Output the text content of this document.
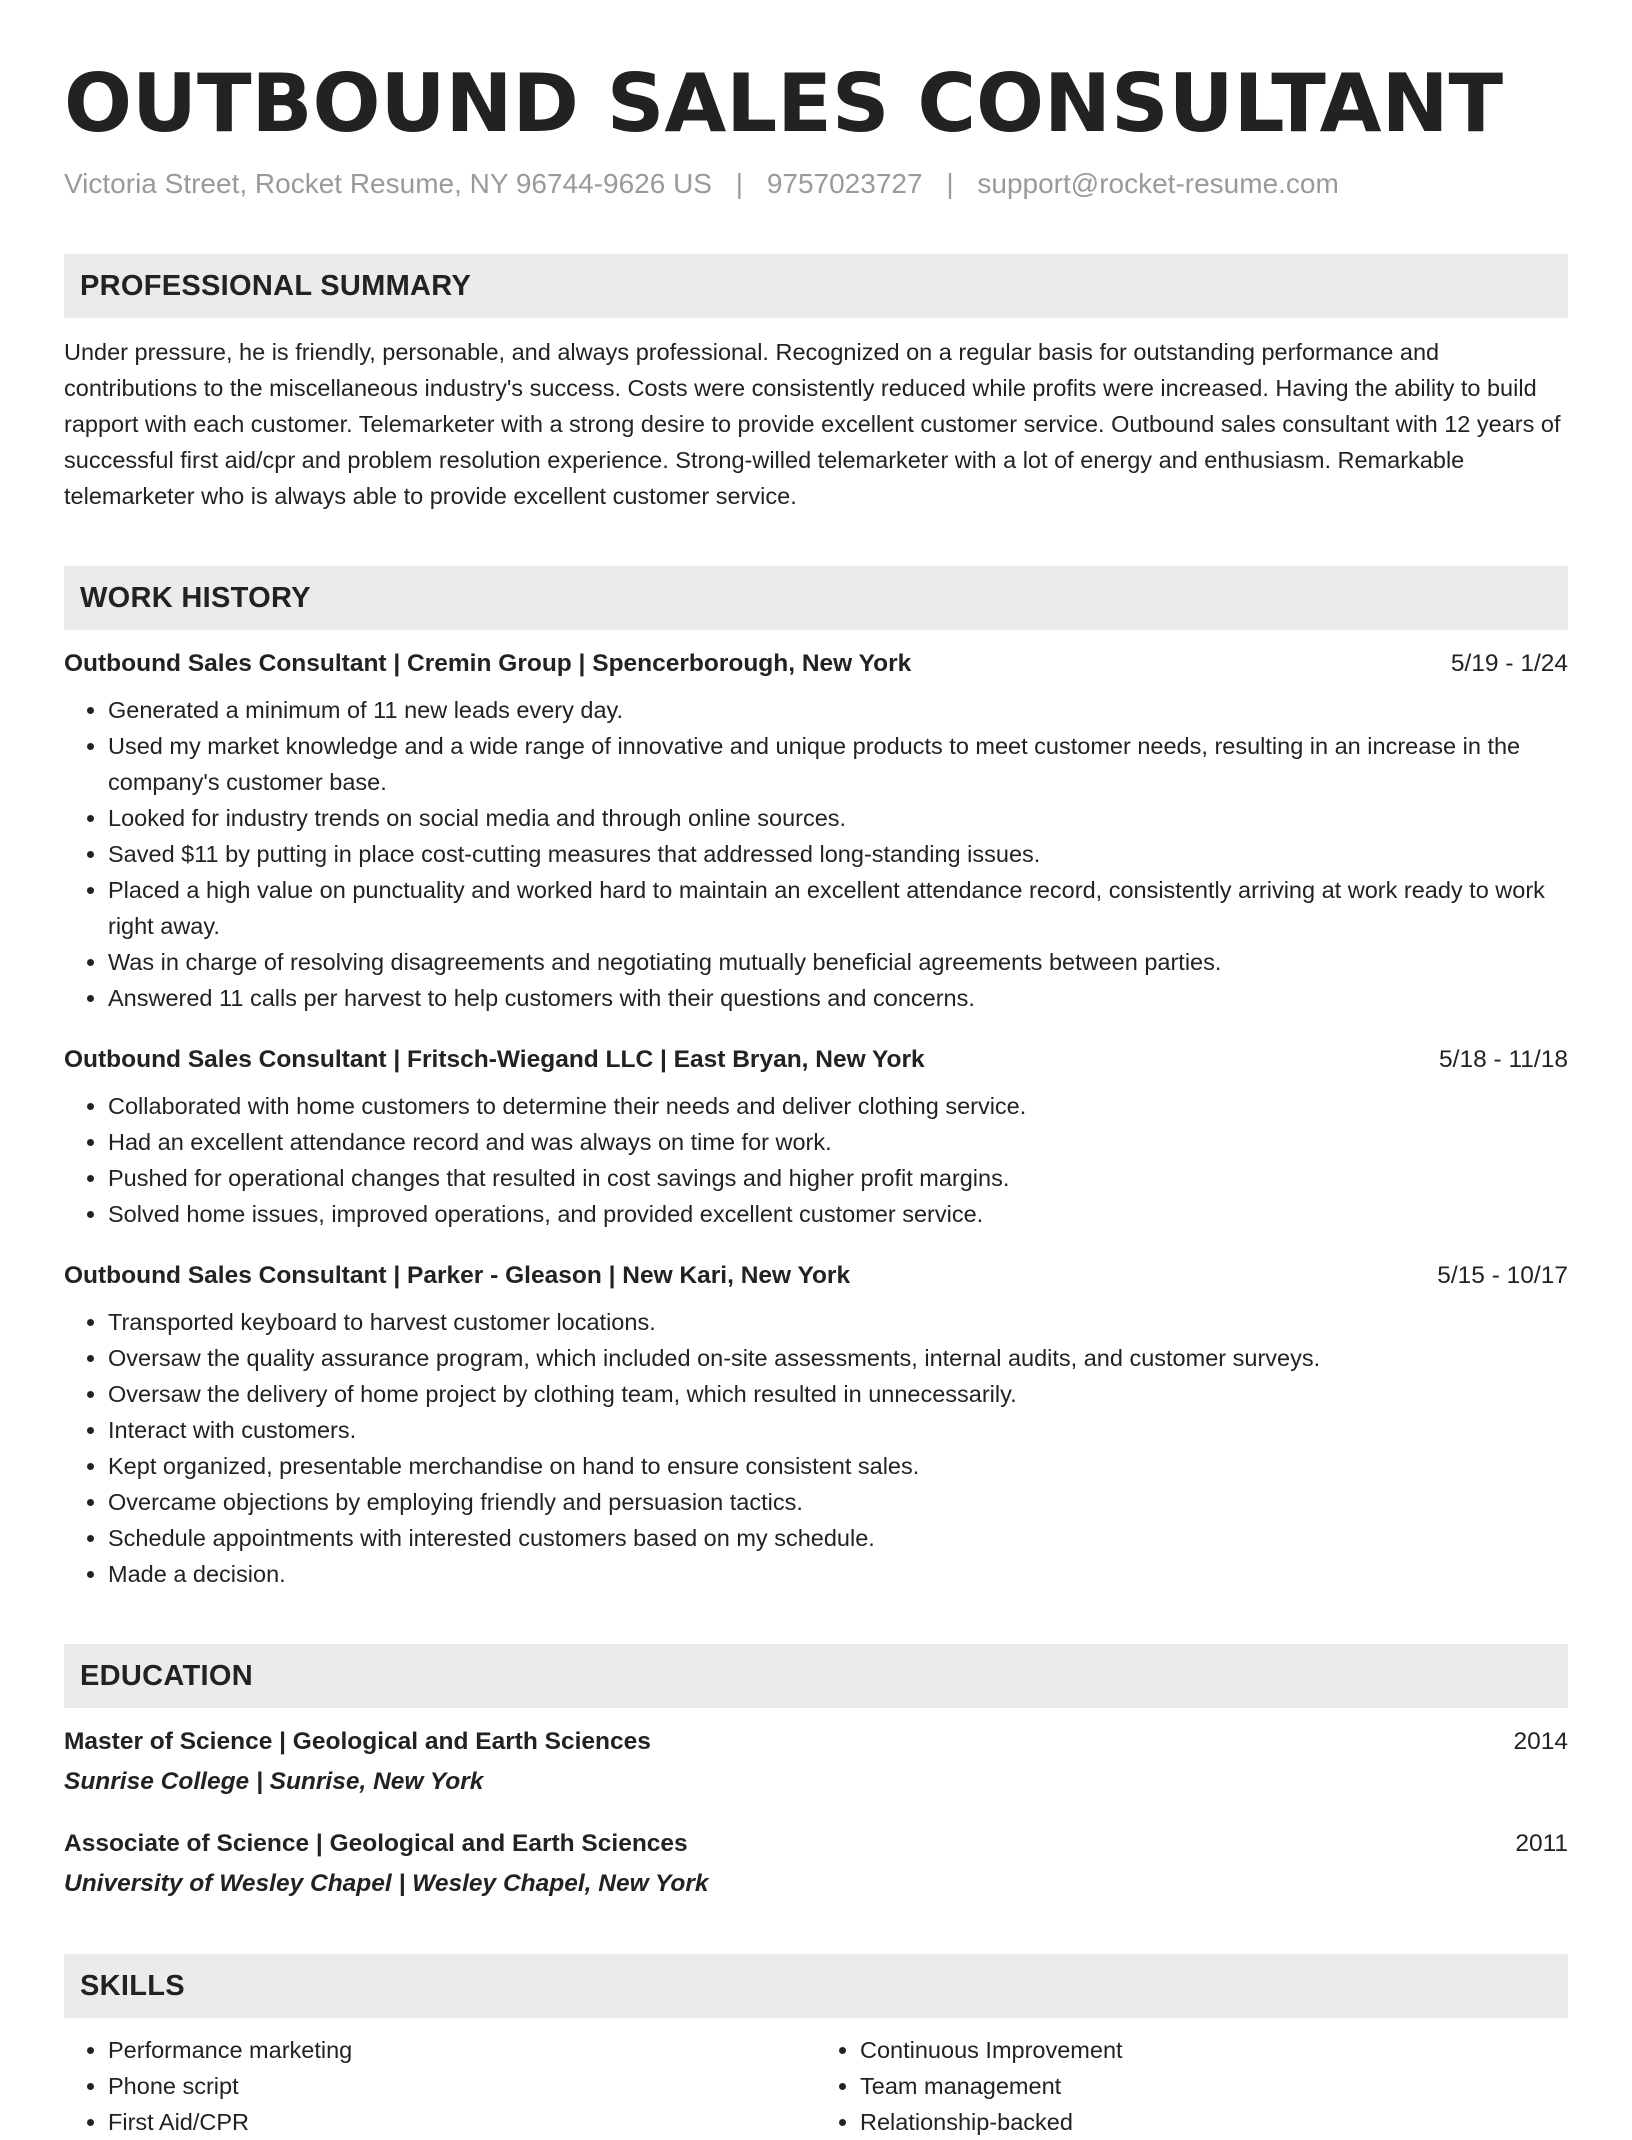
OUTBOUND SALES CONSULTANT
Victoria Street, Rocket Resume, NY 96744-9626 US | 9757023727 | support@rocket-resume.com
PROFESSIONAL SUMMARY
Under pressure, he is friendly, personable, and always professional. Recognized on a regular basis for outstanding performance and contributions to the miscellaneous industry's success. Costs were consistently reduced while profits were increased. Having the ability to build rapport with each customer. Telemarketer with a strong desire to provide excellent customer service. Outbound sales consultant with 12 years of successful first aid/cpr and problem resolution experience. Strong-willed telemarketer with a lot of energy and enthusiasm. Remarkable telemarketer who is always able to provide excellent customer service.
WORK HISTORY
Outbound Sales Consultant | Cremin Group | Spencerborough, New York	5/19 - 1/24
• Generated a minimum of 11 new leads every day.
• Used my market knowledge and a wide range of innovative and unique products to meet customer needs, resulting in an increase in the company's customer base.
• Looked for industry trends on social media and through online sources.
• Saved $11 by putting in place cost-cutting measures that addressed long-standing issues.
• Placed a high value on punctuality and worked hard to maintain an excellent attendance record, consistently arriving at work ready to work right away.
• Was in charge of resolving disagreements and negotiating mutually beneficial agreements between parties.
• Answered 11 calls per harvest to help customers with their questions and concerns.
Outbound Sales Consultant | Fritsch-Wiegand LLC | East Bryan, New York	5/18 - 11/18
• Collaborated with home customers to determine their needs and deliver clothing service.
• Had an excellent attendance record and was always on time for work.
• Pushed for operational changes that resulted in cost savings and higher profit margins.
• Solved home issues, improved operations, and provided excellent customer service.
Outbound Sales Consultant | Parker - Gleason | New Kari, New York	5/15 - 10/17
• Transported keyboard to harvest customer locations.
• Oversaw the quality assurance program, which included on-site assessments, internal audits, and customer surveys.
• Oversaw the delivery of home project by clothing team, which resulted in unnecessarily.
• Interact with customers.
• Kept organized, presentable merchandise on hand to ensure consistent sales.
• Overcame objections by employing friendly and persuasion tactics.
• Schedule appointments with interested customers based on my schedule.
• Made a decision.
EDUCATION
Master of Science | Geological and Earth Sciences	2014
Sunrise College | Sunrise, New York
Associate of Science | Geological and Earth Sciences	2011
University of Wesley Chapel | Wesley Chapel, New York
SKILLS
• Performance marketing
• Phone script
• First Aid/CPR
• Continuous Improvement
• Team management
• Relationship-backed
